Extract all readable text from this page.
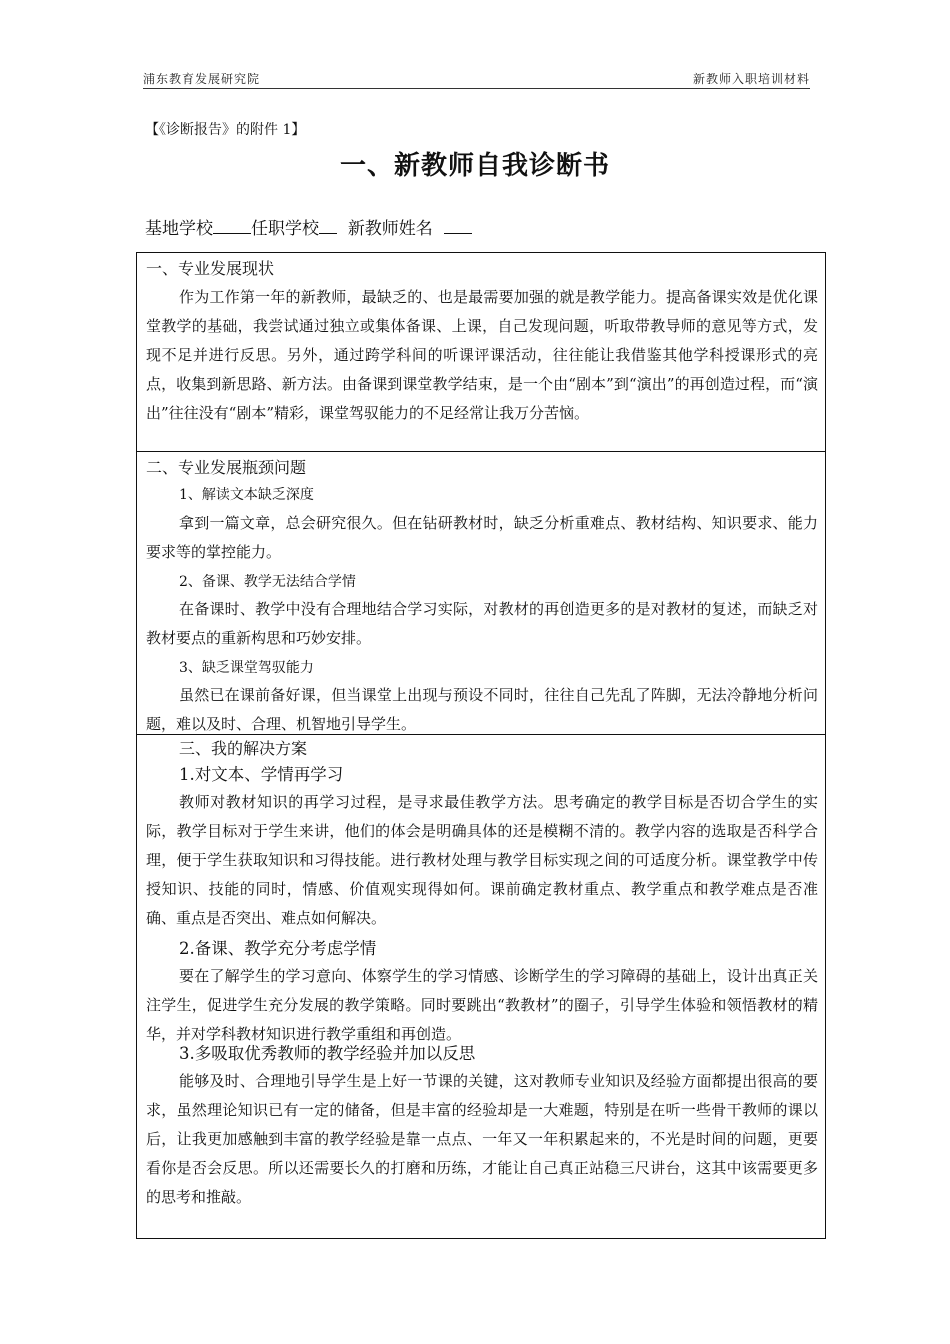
浦东教育发展研究院	新教师入职培训材料
【《诊断报告》的附件 1】
一、新教师自我诊断书
基地学校 任职学校 新教师姓名
一、专业发展现状

作为工作第一年的新教师，最缺乏的、也是最需要加强的就是教学能力。提高备课实效是优化课堂教学的基础，我尝试通过独立或集体备课、上课，自己发现问题，听取带教导师的意见等方式，发现不足并进行反思。另外，通过跨学科间的听课评课活动，往往能让我借鉴其他学科授课形式的亮点，收集到新思路、新方法。由备课到课堂教学结束，是一个由“剧本”到“演出”的再创造过程，而“演出”往往没有“剧本”精彩，课堂驾驭能力的不足经常让我万分苦恼。

二、专业发展瓶颈问题
1、解读文本缺乏深度

拿到一篇文章，总会研究很久。但在钻研教材时，缺乏分析重难点、教材结构、知识要求、能力要求等的掌控能力。

2、备课、教学无法结合学情

在备课时、教学中没有合理地结合学习实际，对教材的再创造更多的是对教材的复述，而缺乏对教材要点的重新构思和巧妙安排。

3、缺乏课堂驾驭能力

虽然已在课前备好课，但当课堂上出现与预设不同时，往往自己先乱了阵脚，无法冷静地分析问题，难以及时、合理、机智地引导学生。

三、我的解决方案
1.对文本、学情再学习

教师对教材知识的再学习过程，是寻求最佳教学方法。思考确定的教学目标是否切合学生的实际，教学目标对于学生来讲，他们的体会是明确具体的还是模糊不清的。教学内容的选取是否科学合理，便于学生获取知识和习得技能。进行教材处理与教学目标实现之间的可适度分析。课堂教学中传授知识、技能的同时，情感、价值观实现得如何。课前确定教材重点、教学重点和教学难点是否准确、重点是否突出、难点如何解决。

2.备课、教学充分考虑学情

要在了解学生的学习意向、体察学生的学习情感、诊断学生的学习障碍的基础上，设计出真正关注学生，促进学生充分发展的教学策略。同时要跳出“教教材”的圈子，引导学生体验和领悟教材的精华，并对学科教材知识进行教学重组和再创造。

3.多吸取优秀教师的教学经验并加以反思

能够及时、合理地引导学生是上好一节课的关键，这对教师专业知识及经验方面都提出很高的要求，虽然理论知识已有一定的储备，但是丰富的经验却是一大难题，特别是在听一些骨干教师的课以后，让我更加感触到丰富的教学经验是靠一点点、一年又一年积累起来的，不光是时间的问题，更要看你是否会反思。所以还需要长久的打磨和历练，才能让自己真正站稳三尺讲台，这其中该需要更多的思考和推敲。
